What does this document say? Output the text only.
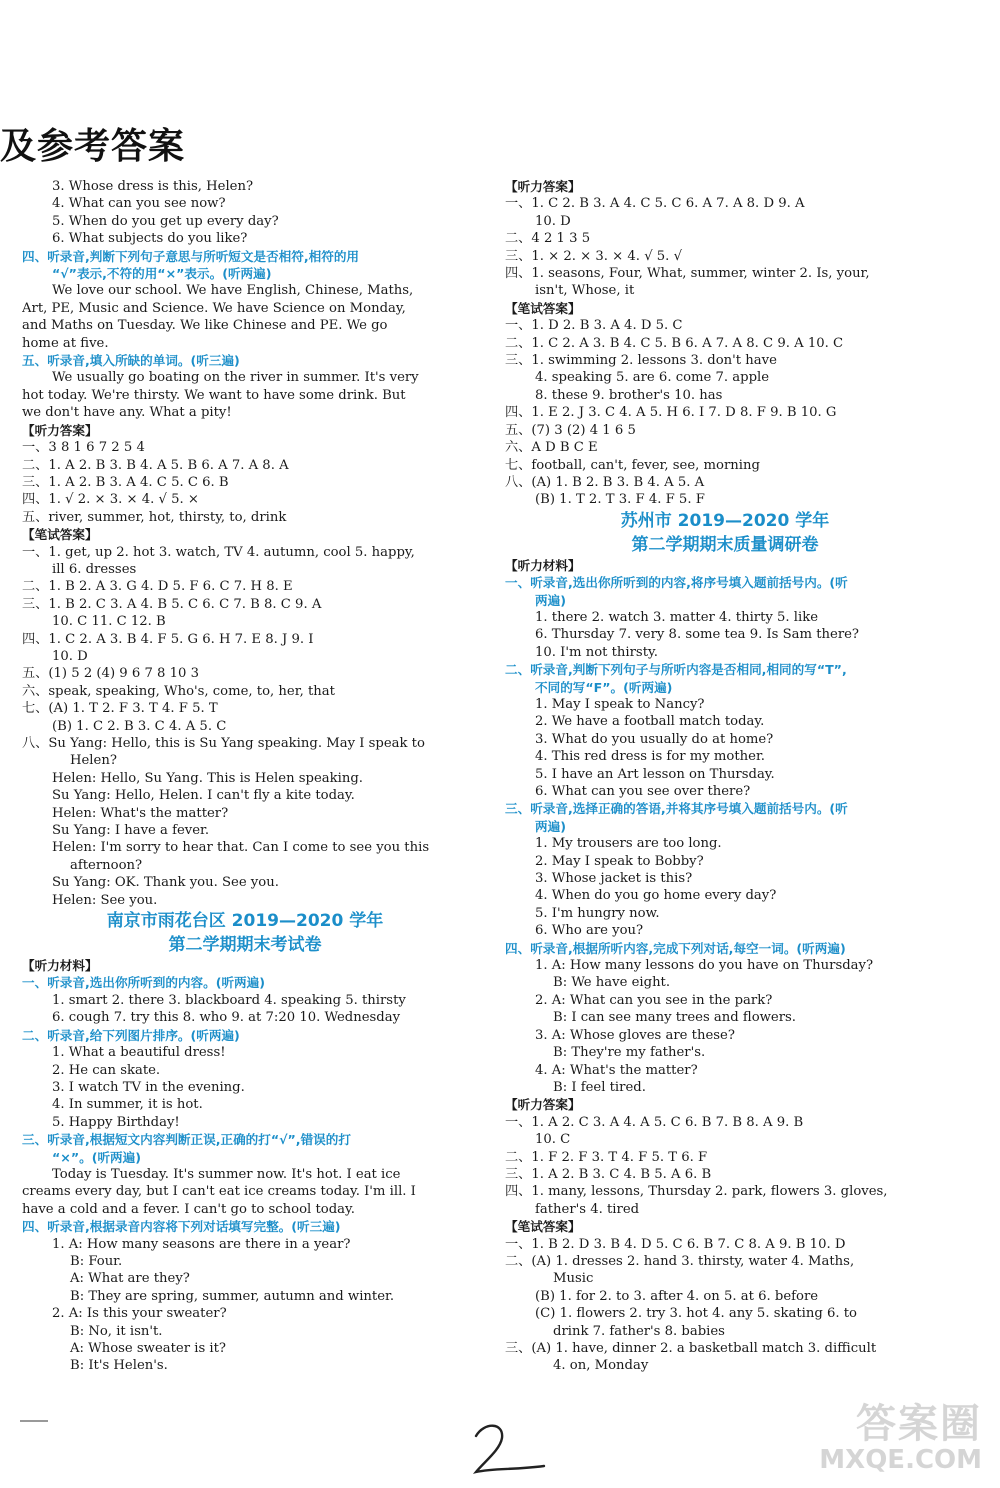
及参考答案
3. Whose dress is this, Helen?
4. What can you see now?
5. When do you get up every day?
6. What subjects do you like?
四、听录音,判断下列句子意思与所听短文是否相符,相符的用
“√”表示,不符的用“×”表示。(听两遍)
We love our school. We have English, Chinese, Maths,
Art, PE, Music and Science. We have Science on Monday,
and Maths on Tuesday. We like Chinese and PE. We go
home at five.
五、听录音,填入所缺的单词。(听三遍)
We usually go boating on the river in summer. It's very
hot today. We're thirsty. We want to have some drink. But
we don't have any. What a pity!
【听力答案】
一、3 8 1 6 7 2 5 4
二、1. A 2. B 3. B 4. A 5. B 6. A 7. A 8. A
三、1. A 2. B 3. A 4. C 5. C 6. B
四、1. √ 2. × 3. × 4. √ 5. ×
五、river, summer, hot, thirsty, to, drink
【笔试答案】
一、1. get, up 2. hot 3. watch, TV 4. autumn, cool 5. happy,
ill 6. dresses
二、1. B 2. A 3. G 4. D 5. F 6. C 7. H 8. E
三、1. B 2. C 3. A 4. B 5. C 6. C 7. B 8. C 9. A
10. C 11. C 12. B
四、1. C 2. A 3. B 4. F 5. G 6. H 7. E 8. J 9. I
10. D
五、(1) 5 2 (4) 9 6 7 8 10 3
六、speak, speaking, Who's, come, to, her, that
七、(A) 1. T 2. F 3. T 4. F 5. T
(B) 1. C 2. B 3. C 4. A 5. C
八、Su Yang: Hello, this is Su Yang speaking. May I speak to
Helen?
Helen: Hello, Su Yang. This is Helen speaking.
Su Yang: Hello, Helen. I can't fly a kite today.
Helen: What's the matter?
Su Yang: I have a fever.
Helen: I'm sorry to hear that. Can I come to see you this
afternoon?
Su Yang: OK. Thank you. See you.
Helen: See you.
南京市雨花台区 2019—2020 学年
第二学期期末考试卷
【听力材料】
一、听录音,选出你所听到的内容。(听两遍)
1. smart 2. there 3. blackboard 4. speaking 5. thirsty
6. cough 7. try this 8. who 9. at 7:20 10. Wednesday
二、听录音,给下列图片排序。(听两遍)
1. What a beautiful dress!
2. He can skate.
3. I watch TV in the evening.
4. In summer, it is hot.
5. Happy Birthday!
三、听录音,根据短文内容判断正误,正确的打“√”,错误的打
“×”。(听两遍)
Today is Tuesday. It's summer now. It's hot. I eat ice
creams every day, but I can't eat ice creams today. I'm ill. I
have a cold and a fever. I can't go to school today.
四、听录音,根据录音内容将下列对话填写完整。(听三遍)
1. A: How many seasons are there in a year?
B: Four.
A: What are they?
B: They are spring, summer, autumn and winter.
2. A: Is this your sweater?
B: No, it isn't.
A: Whose sweater is it?
B: It's Helen's.
【听力答案】
一、1. C 2. B 3. A 4. C 5. C 6. A 7. A 8. D 9. A
10. D
二、4 2 1 3 5
三、1. × 2. × 3. × 4. √ 5. √
四、1. seasons, Four, What, summer, winter 2. Is, your,
isn't, Whose, it
【笔试答案】
一、1. D 2. B 3. A 4. D 5. C
二、1. C 2. A 3. B 4. C 5. B 6. A 7. A 8. C 9. A 10. C
三、1. swimming 2. lessons 3. don't have
4. speaking 5. are 6. come 7. apple
8. these 9. brother's 10. has
四、1. E 2. J 3. C 4. A 5. H 6. I 7. D 8. F 9. B 10. G
五、(7) 3 (2) 4 1 6 5
六、A D B C E
七、football, can't, fever, see, morning
八、(A) 1. B 2. B 3. B 4. A 5. A
(B) 1. T 2. T 3. F 4. F 5. F
苏州市 2019—2020 学年
第二学期期末质量调研卷
【听力材料】
一、听录音,选出你所听到的内容,将序号填入题前括号内。(听
两遍)
1. there 2. watch 3. matter 4. thirty 5. like
6. Thursday 7. very 8. some tea 9. Is Sam there?
10. I'm not thirsty.
二、听录音,判断下列句子与所听内容是否相同,相同的写“T”,
不同的写“F”。(听两遍)
1. May I speak to Nancy?
2. We have a football match today.
3. What do you usually do at home?
4. This red dress is for my mother.
5. I have an Art lesson on Thursday.
6. What can you see over there?
三、听录音,选择正确的答语,并将其序号填入题前括号内。(听
两遍)
1. My trousers are too long.
2. May I speak to Bobby?
3. Whose jacket is this?
4. When do you go home every day?
5. I'm hungry now.
6. Who are you?
四、听录音,根据所听内容,完成下列对话,每空一词。(听两遍)
1. A: How many lessons do you have on Thursday?
B: We have eight.
2. A: What can you see in the park?
B: I can see many trees and flowers.
3. A: Whose gloves are these?
B: They're my father's.
4. A: What's the matter?
B: I feel tired.
【听力答案】
一、1. A 2. C 3. A 4. A 5. C 6. B 7. B 8. A 9. B
10. C
二、1. F 2. F 3. T 4. F 5. T 6. F
三、1. A 2. B 3. C 4. B 5. A 6. B
四、1. many, lessons, Thursday 2. park, flowers 3. gloves,
father's 4. tired
【笔试答案】
一、1. B 2. D 3. B 4. D 5. C 6. B 7. C 8. A 9. B 10. D
二、(A) 1. dresses 2. hand 3. thirsty, water 4. Maths,
Music
(B) 1. for 2. to 3. after 4. on 5. at 6. before
(C) 1. flowers 2. try 3. hot 4. any 5. skating 6. to
drink 7. father's 8. babies
三、(A) 1. have, dinner 2. a basketball match 3. difficult
4. on, Monday
答案圈
MXQE.COM
